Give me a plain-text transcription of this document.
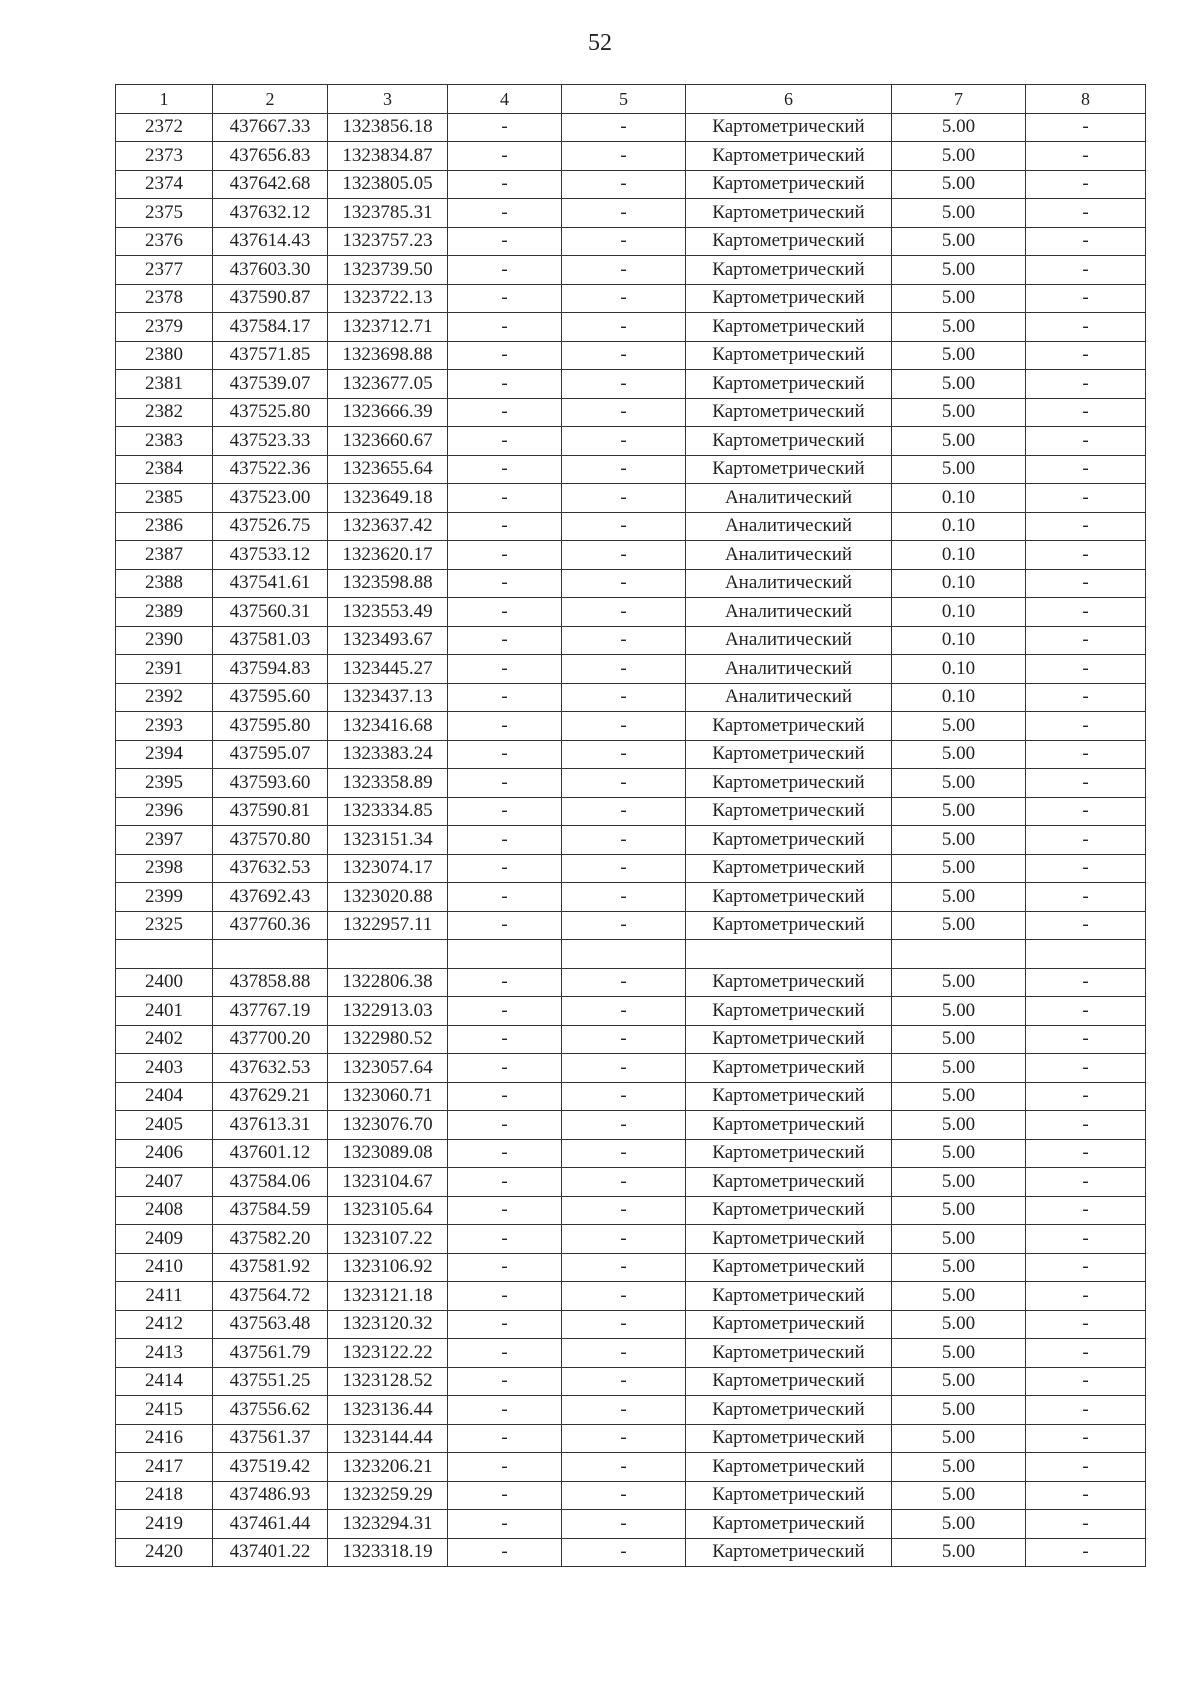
52
1	2	3	4	5	6	7	8
2372	437667.33	1323856.18	-	-	Картометрический	5.00	-
2373	437656.83	1323834.87	-	-	Картометрический	5.00	-
2374	437642.68	1323805.05	-	-	Картометрический	5.00	-
2375	437632.12	1323785.31	-	-	Картометрический	5.00	-
2376	437614.43	1323757.23	-	-	Картометрический	5.00	-
2377	437603.30	1323739.50	-	-	Картометрический	5.00	-
2378	437590.87	1323722.13	-	-	Картометрический	5.00	-
2379	437584.17	1323712.71	-	-	Картометрический	5.00	-
2380	437571.85	1323698.88	-	-	Картометрический	5.00	-
2381	437539.07	1323677.05	-	-	Картометрический	5.00	-
2382	437525.80	1323666.39	-	-	Картометрический	5.00	-
2383	437523.33	1323660.67	-	-	Картометрический	5.00	-
2384	437522.36	1323655.64	-	-	Картометрический	5.00	-
2385	437523.00	1323649.18	-	-	Аналитический	0.10	-
2386	437526.75	1323637.42	-	-	Аналитический	0.10	-
2387	437533.12	1323620.17	-	-	Аналитический	0.10	-
2388	437541.61	1323598.88	-	-	Аналитический	0.10	-
2389	437560.31	1323553.49	-	-	Аналитический	0.10	-
2390	437581.03	1323493.67	-	-	Аналитический	0.10	-
2391	437594.83	1323445.27	-	-	Аналитический	0.10	-
2392	437595.60	1323437.13	-	-	Аналитический	0.10	-
2393	437595.80	1323416.68	-	-	Картометрический	5.00	-
2394	437595.07	1323383.24	-	-	Картометрический	5.00	-
2395	437593.60	1323358.89	-	-	Картометрический	5.00	-
2396	437590.81	1323334.85	-	-	Картометрический	5.00	-
2397	437570.80	1323151.34	-	-	Картометрический	5.00	-
2398	437632.53	1323074.17	-	-	Картометрический	5.00	-
2399	437692.43	1323020.88	-	-	Картометрический	5.00	-
2325	437760.36	1322957.11	-	-	Картометрический	5.00	-

2400	437858.88	1322806.38	-	-	Картометрический	5.00	-
2401	437767.19	1322913.03	-	-	Картометрический	5.00	-
2402	437700.20	1322980.52	-	-	Картометрический	5.00	-
2403	437632.53	1323057.64	-	-	Картометрический	5.00	-
2404	437629.21	1323060.71	-	-	Картометрический	5.00	-
2405	437613.31	1323076.70	-	-	Картометрический	5.00	-
2406	437601.12	1323089.08	-	-	Картометрический	5.00	-
2407	437584.06	1323104.67	-	-	Картометрический	5.00	-
2408	437584.59	1323105.64	-	-	Картометрический	5.00	-
2409	437582.20	1323107.22	-	-	Картометрический	5.00	-
2410	437581.92	1323106.92	-	-	Картометрический	5.00	-
2411	437564.72	1323121.18	-	-	Картометрический	5.00	-
2412	437563.48	1323120.32	-	-	Картометрический	5.00	-
2413	437561.79	1323122.22	-	-	Картометрический	5.00	-
2414	437551.25	1323128.52	-	-	Картометрический	5.00	-
2415	437556.62	1323136.44	-	-	Картометрический	5.00	-
2416	437561.37	1323144.44	-	-	Картометрический	5.00	-
2417	437519.42	1323206.21	-	-	Картометрический	5.00	-
2418	437486.93	1323259.29	-	-	Картометрический	5.00	-
2419	437461.44	1323294.31	-	-	Картометрический	5.00	-
2420	437401.22	1323318.19	-	-	Картометрический	5.00	-
